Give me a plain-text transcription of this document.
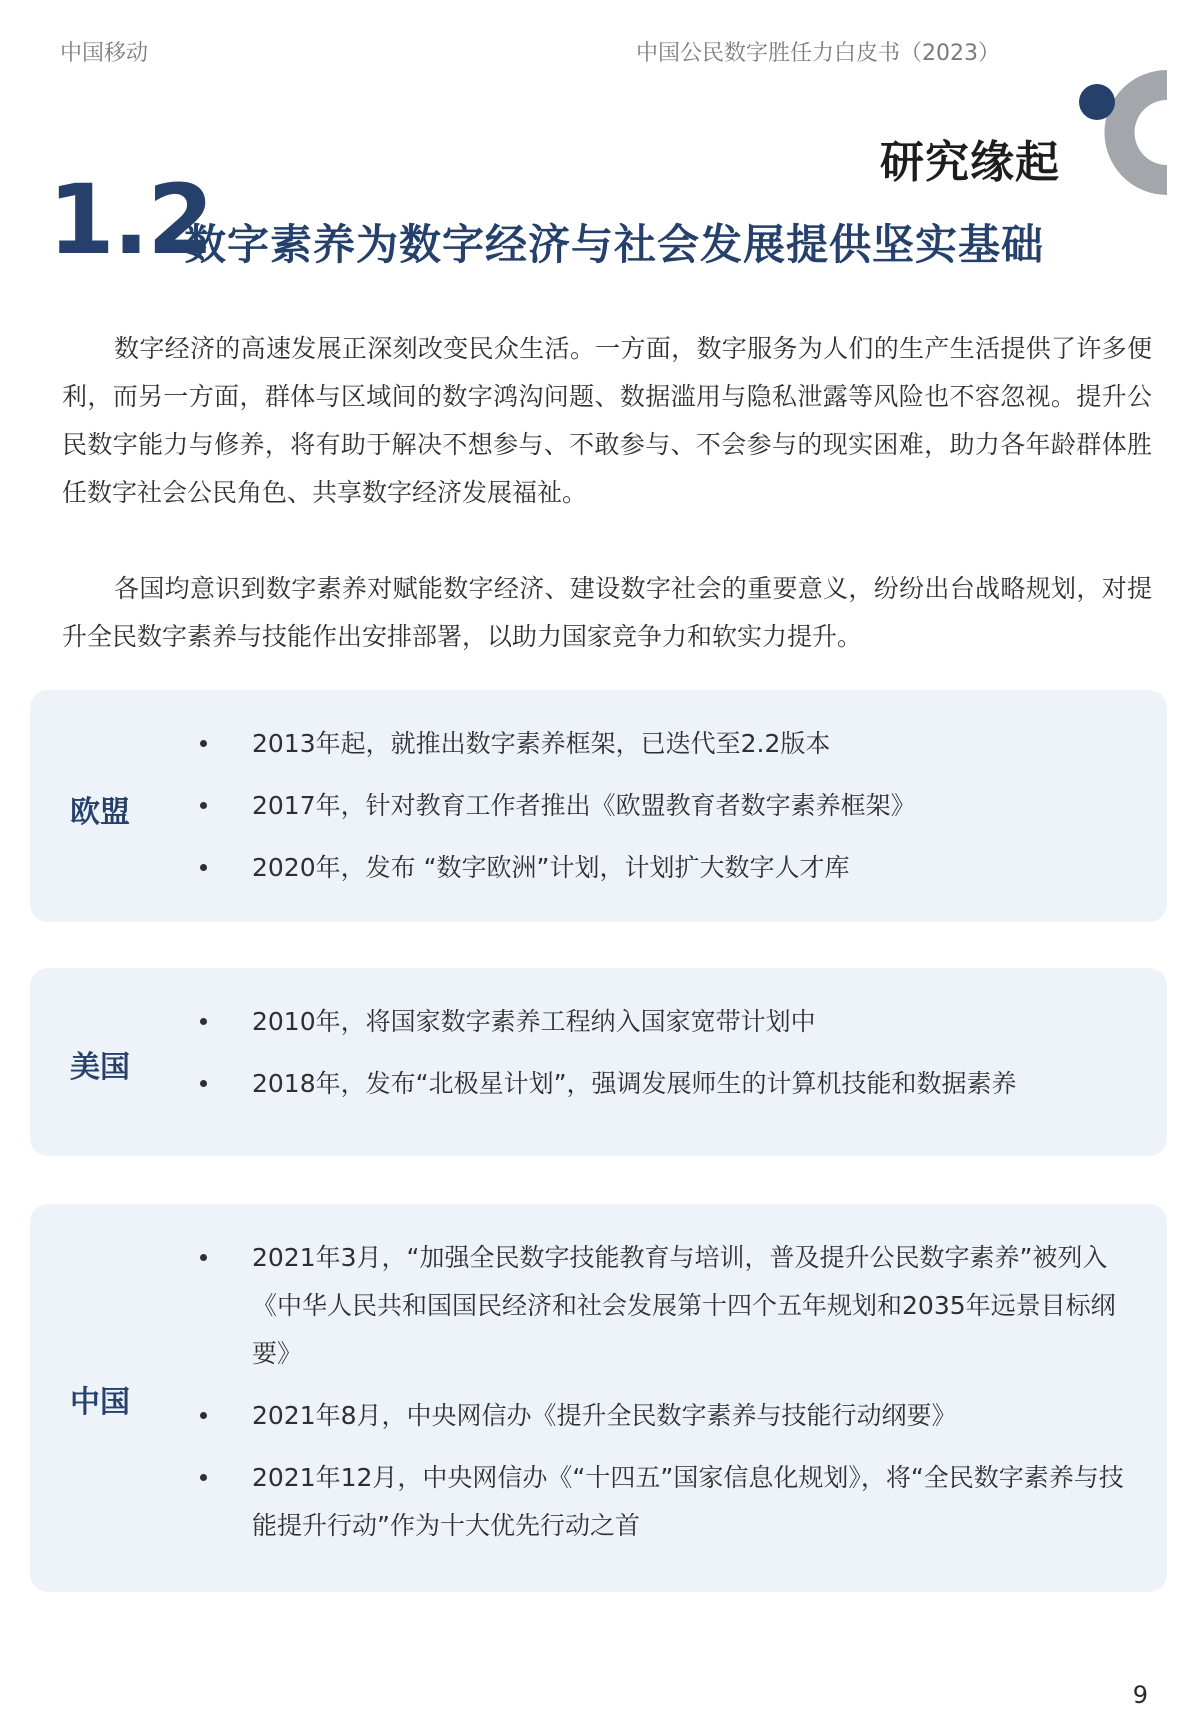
中国移动	中国公民数字胜任力白皮书（2023）
研究缘起
1.2
数字素养为数字经济与社会发展提供坚实基础

数字经济的高速发展正深刻改变民众生活。一方面，数字服务为人们的生产生活提供了许多便利，而另一方面，群体与区域间的数字鸿沟问题、数据滥用与隐私泄露等风险也不容忽视。提升公民数字能力与修养，将有助于解决不想参与、不敢参与、不会参与的现实困难，助力各年龄群体胜任数字社会公民角色、共享数字经济发展福祉。

各国均意识到数字素养对赋能数字经济、建设数字社会的重要意义，纷纷出台战略规划，对提升全民数字素养与技能作出安排部署，以助力国家竞争力和软实力提升。

欧盟
2013年起，就推出数字素养框架，已迭代至2.2版本
2017年，针对教育工作者推出《欧盟教育者数字素养框架》
2020年，发布 “数字欧洲”计划，计划扩大数字人才库
美国
2010年，将国家数字素养工程纳入国家宽带计划中
2018年，发布“北极星计划”，强调发展师生的计算机技能和数据素养
中国
2021年3月，“加强全民数字技能教育与培训，普及提升公民数字素养”被列入《中华人民共和国国民经济和社会发展第十四个五年规划和2035年远景目标纲要》
2021年8月，中央网信办《提升全民数字素养与技能行动纲要》
2021年12月，中央网信办《“十四五”国家信息化规划》，将“全民数字素养与技能提升行动”作为十大优先行动之首
9
